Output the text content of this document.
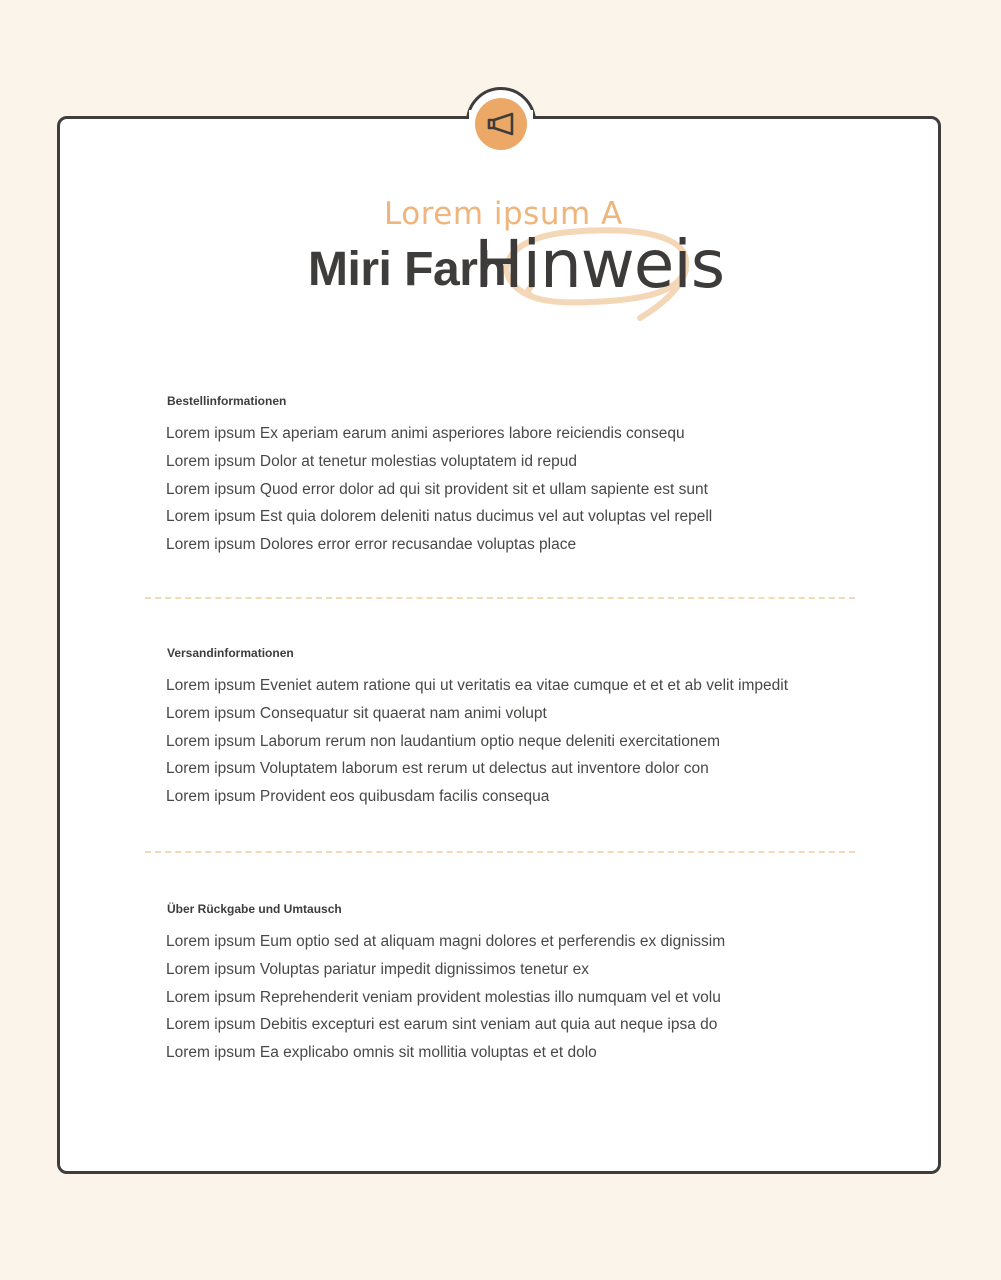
Lorem ipsum A
Miri Farh
Hinweis
Bestellinformationen
Lorem ipsum Ex aperiam earum animi asperiores labore reiciendis consequ
Lorem ipsum Dolor at tenetur molestias voluptatem id repud
Lorem ipsum Quod error dolor ad qui sit provident sit et ullam sapiente est sunt
Lorem ipsum Est quia dolorem deleniti natus ducimus vel aut voluptas vel repell
Lorem ipsum Dolores error error recusandae voluptas place
Versandinformationen
Lorem ipsum Eveniet autem ratione qui ut veritatis ea vitae cumque et et et ab velit impedit
Lorem ipsum Consequatur sit quaerat nam animi volupt
Lorem ipsum Laborum rerum non laudantium optio neque deleniti exercitationem
Lorem ipsum Voluptatem laborum est rerum ut delectus aut inventore dolor con
Lorem ipsum Provident eos quibusdam facilis consequa
Über Rückgabe und Umtausch
Lorem ipsum Eum optio sed at aliquam magni dolores et perferendis ex dignissim
Lorem ipsum Voluptas pariatur impedit dignissimos tenetur ex
Lorem ipsum Reprehenderit veniam provident molestias illo numquam vel et volu
Lorem ipsum Debitis excepturi est earum sint veniam aut quia aut neque ipsa do
Lorem ipsum Ea explicabo omnis sit mollitia voluptas et et dolo
